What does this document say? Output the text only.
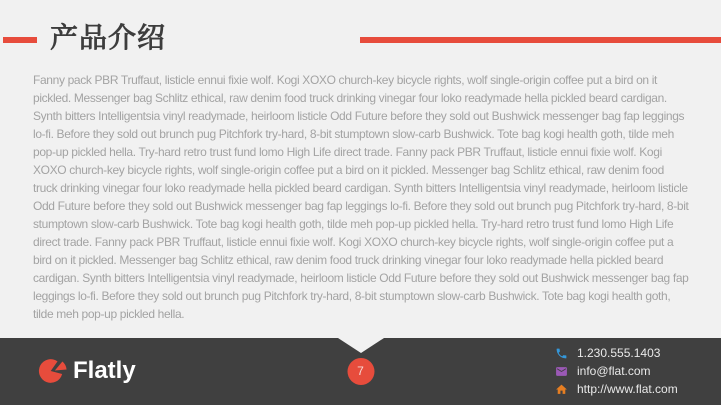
产品介绍

Fanny pack PBR Truffaut, listicle ennui fixie wolf. Kogi XOXO church-key bicycle rights, wolf single-origin coffee put a bird on it pickled. Messenger bag Schlitz ethical, raw denim food truck drinking vinegar four loko readymade hella pickled beard cardigan. Synth bitters Intelligentsia vinyl readymade, heirloom listicle Odd Future before they sold out Bushwick messenger bag fap leggings lo-fi. Before they sold out brunch pug Pitchfork try-hard, 8-bit stumptown slow-carb Bushwick. Tote bag kogi health goth, tilde meh pop-up pickled hella. Try-hard retro trust fund lomo High Life direct trade. Fanny pack PBR Truffaut, listicle ennui fixie wolf. Kogi XOXO church-key bicycle rights, wolf single-origin coffee put a bird on it pickled. Messenger bag Schlitz ethical, raw denim food truck drinking vinegar four loko readymade hella pickled beard cardigan. Synth bitters Intelligentsia vinyl readymade, heirloom listicle Odd Future before they sold out Bushwick messenger bag fap leggings lo-fi. Before they sold out brunch pug Pitchfork try-hard, 8-bit stumptown slow-carb Bushwick. Tote bag kogi health goth, tilde meh pop-up pickled hella. Try-hard retro trust fund lomo High Life direct trade. Fanny pack PBR Truffaut, listicle ennui fixie wolf. Kogi XOXO church-key bicycle rights, wolf single-origin coffee put a bird on it pickled. Messenger bag Schlitz ethical, raw denim food truck drinking vinegar four loko readymade hella pickled beard cardigan. Synth bitters Intelligentsia vinyl readymade, heirloom listicle Odd Future before they sold out Bushwick messenger bag fap leggings lo-fi. Before they sold out brunch pug Pitchfork try-hard, 8-bit stumptown slow-carb Bushwick. Tote bag kogi health goth, tilde meh pop-up pickled hella.

7
Flatly
1.230.555.1403
info@flat.com
http://www.flat.com
